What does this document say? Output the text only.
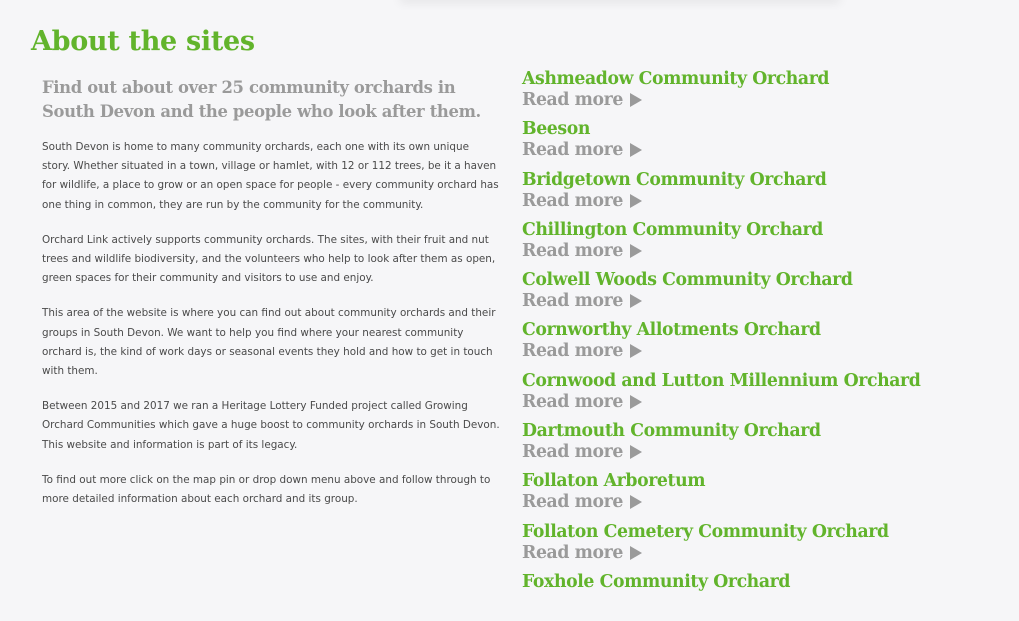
About the sites

Find out about over 25 community orchards in South Devon and the people who look after them.

South Devon is home to many community orchards, each one with its own unique story. Whether situated in a town, village or hamlet, with 12 or 112 trees, be it a haven for wildlife, a place to grow or an open space for people - every community orchard has one thing in common, they are run by the community for the community.

Orchard Link actively supports community orchards. The sites, with their fruit and nut trees and wildlife biodiversity, and the volunteers who help to look after them as open, green spaces for their community and visitors to use and enjoy.

This area of the website is where you can find out about community orchards and their groups in South Devon. We want to help you find where your nearest community orchard is, the kind of work days or seasonal events they hold and how to get in touch with them.

Between 2015 and 2017 we ran a Heritage Lottery Funded project called Growing Orchard Communities which gave a huge boost to community orchards in South Devon. This website and information is part of its legacy.

To find out more click on the map pin or drop down menu above and follow through to more detailed information about each orchard and its group.

Ashmeadow Community Orchard
Read more
Beeson
Read more
Bridgetown Community Orchard
Read more
Chillington Community Orchard
Read more
Colwell Woods Community Orchard
Read more
Cornworthy Allotments Orchard
Read more
Cornwood and Lutton Millennium Orchard
Read more
Dartmouth Community Orchard
Read more
Follaton Arboretum
Read more
Follaton Cemetery Community Orchard
Read more
Foxhole Community Orchard
